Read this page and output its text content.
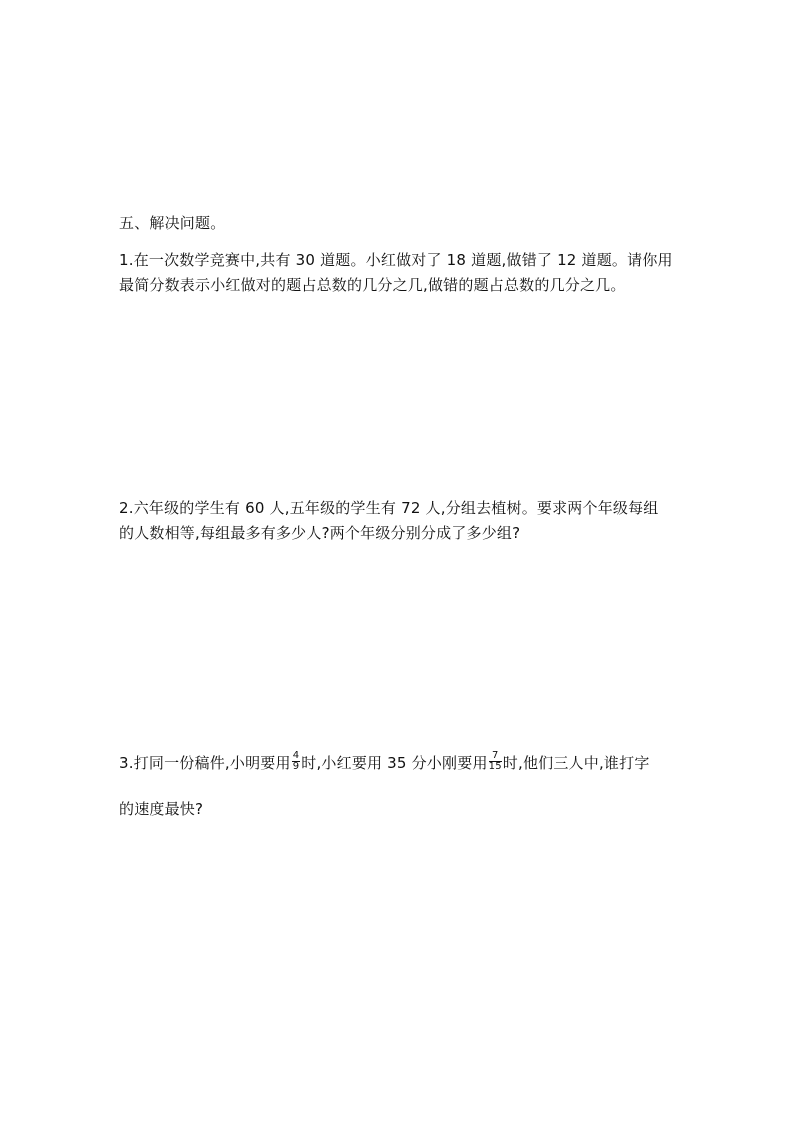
五、解决问题。
1.在一次数学竞赛中,共有 30 道题。小红做对了 18 道题,做错了 12 道题。请你用
最简分数表示小红做对的题占总数的几分之几,做错的题占总数的几分之几。
2.六年级的学生有 60 人,五年级的学生有 72 人,分组去植树。要求两个年级每组
的人数相等,每组最多有多少人?两个年级分别分成了多少组?
3.打同一份稿件,小明要用 $\frac{4}{9}$ 时,小红要用 35 分小刚要用 $\frac{7}{15}$ 时,他们三人中,谁打字
的速度最快?
